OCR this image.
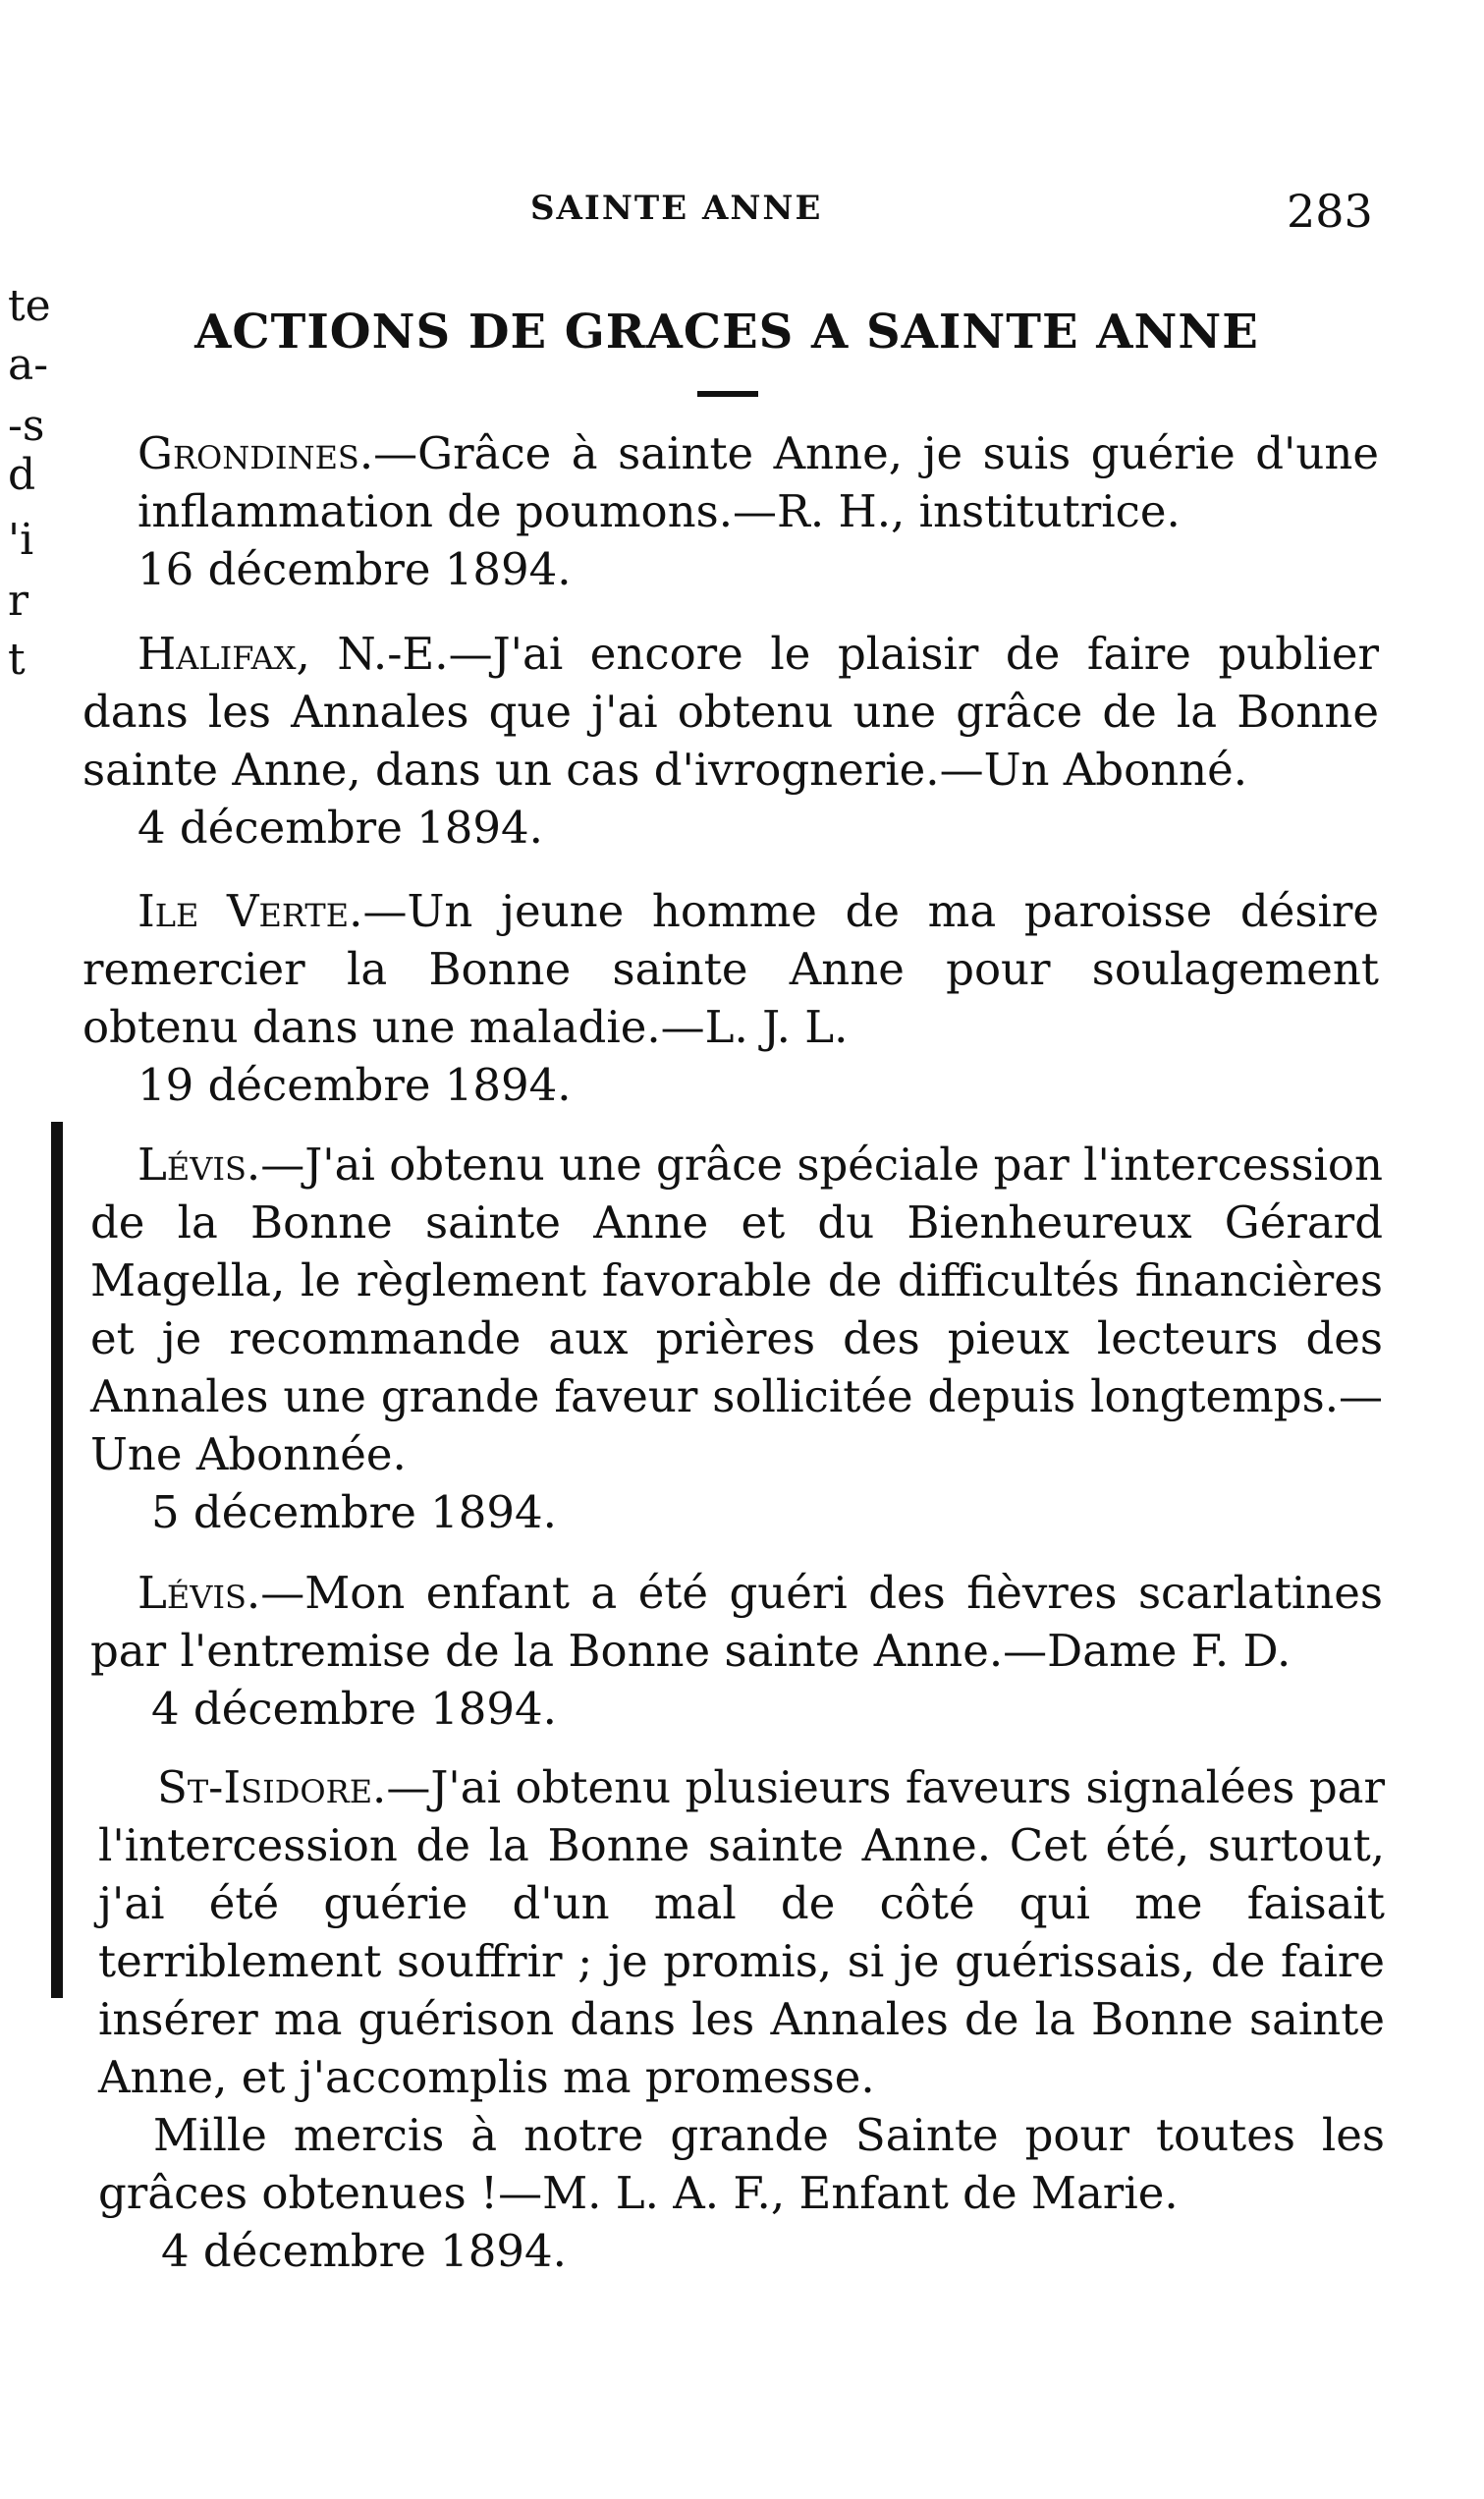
te
a-
-s
d
'i
r
t
SAINTE ANNE	283
ACTIONS DE GRACES A SAINTE ANNE

Grondines.—Grâce à sainte Anne, je suis guérie d'une inflammation de poumons.—R. H., institutrice.

16 décembre 1894.

Halifax, N.-E.—J'ai encore le plaisir de faire publier dans les Annales que j'ai obtenu une grâce de la Bonne sainte Anne, dans un cas d'ivrognerie.—Un Abonné.

4 décembre 1894.

Ile Verte.—Un jeune homme de ma paroisse désire remercier la Bonne sainte Anne pour soulagement obtenu dans une maladie.—L. J. L.

19 décembre 1894.

Lévis.—J'ai obtenu une grâce spéciale par l'intercession de la Bonne sainte Anne et du Bienheureux Gérard Magella, le règlement favorable de difficultés financières et je recommande aux prières des pieux lecteurs des Annales une grande faveur sollicitée depuis longtemps.—Une Abonnée.

5 décembre 1894.

Lévis.—Mon enfant a été guéri des fièvres scarlatines par l'entremise de la Bonne sainte Anne.—Dame F. D.

4 décembre 1894.

St-Isidore.—J'ai obtenu plusieurs faveurs signalées par l'intercession de la Bonne sainte Anne. Cet été, surtout, j'ai été guérie d'un mal de côté qui me faisait terriblement souffrir ; je promis, si je guérissais, de faire insérer ma guérison dans les Annales de la Bonne sainte Anne, et j'accomplis ma promesse.

Mille mercis à notre grande Sainte pour toutes les grâces obtenues !—M. L. A. F., Enfant de Marie.

4 décembre 1894.
